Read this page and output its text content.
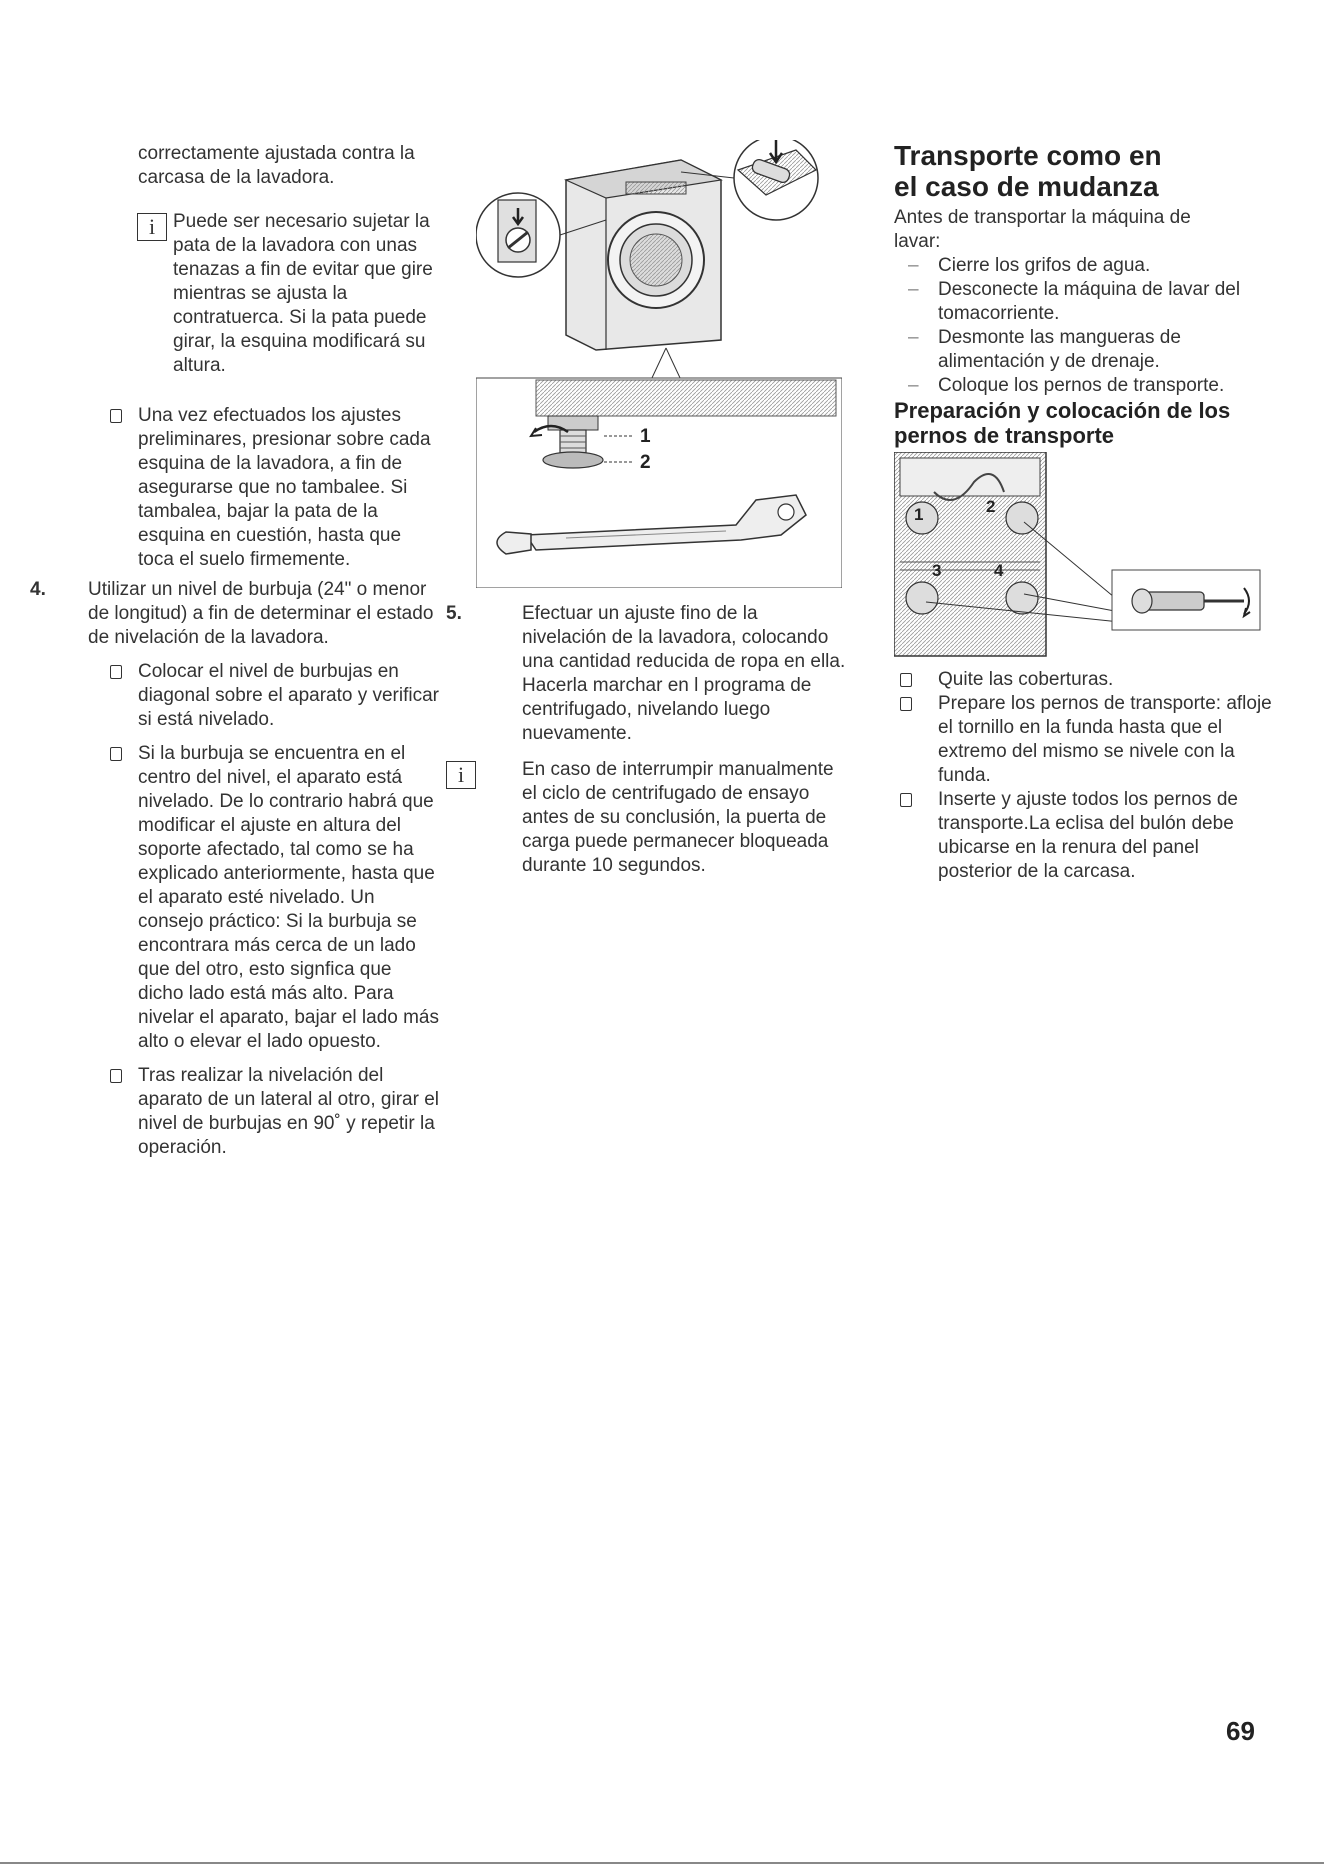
correctamente ajustada contra la carcasa de la lavadora.

i Puede ser necesario sujetar la pata de la lavadora con unas tenazas a fin de evitar que gire mientras se ajusta la contratuerca. Si la pata puede girar, la esquina modificará su altura.

Una vez efectuados los ajustes preliminares, presionar sobre cada esquina de la lavadora, a fin de asegurarse que no tambalee. Si tambalea, bajar la pata de la esquina en cuestión, hasta que toca el suelo firmemente.

4.	Utilizar un nivel de burbuja (24" o menor de longitud) a fin de determinar el estado de nivelación de la lavadora.

Colocar el nivel de burbujas en diagonal sobre el aparato y verificar si está nivelado.

Si la burbuja se encuentra en el centro del nivel, el aparato está nivelado. De lo contrario habrá que modificar el ajuste en altura del soporte afectado, tal como se ha explicado anteriormente, hasta que el aparato esté nivelado. Un consejo práctico: Si la burbuja se encontrara más cerca de un lado que del otro, esto signfica que dicho lado está más alto. Para nivelar el aparato, bajar el lado más alto o elevar el lado opuesto.

Tras realizar la nivelación del aparato de un lateral al otro, girar el nivel de burbujas en 90˚ y repetir la operación.

1
2
5.	Efectuar un ajuste fino de la nivelación de la lavadora, colocando una cantidad reducida de ropa en ella. Hacerla marchar en l programa de centrifugado, nivelando luego nuevamente.

i	En caso de interrumpir manualmente el ciclo de centrifugado de ensayo antes de su conclusión, la puerta de carga puede permanecer bloqueada durante 10 segundos.

Transporte como en el caso de mudanza

Antes de transportar la máquina de lavar:

– Cierre los grifos de agua.

– Desconecte la máquina de lavar del tomacorriente.

– Desmonte las mangueras de alimentación y de drenaje.

– Coloque los pernos de transporte.

Preparación y colocación de los pernos de transporte

1	2
3	4

Quite las coberturas.

Prepare los pernos de transporte: afloje el tornillo en la funda hasta que el extremo del mismo se nivele con la funda.

Inserte y ajuste todos los pernos de transporte.La eclisa del bulón debe ubicarse en la renura del panel posterior de la carcasa.

69
